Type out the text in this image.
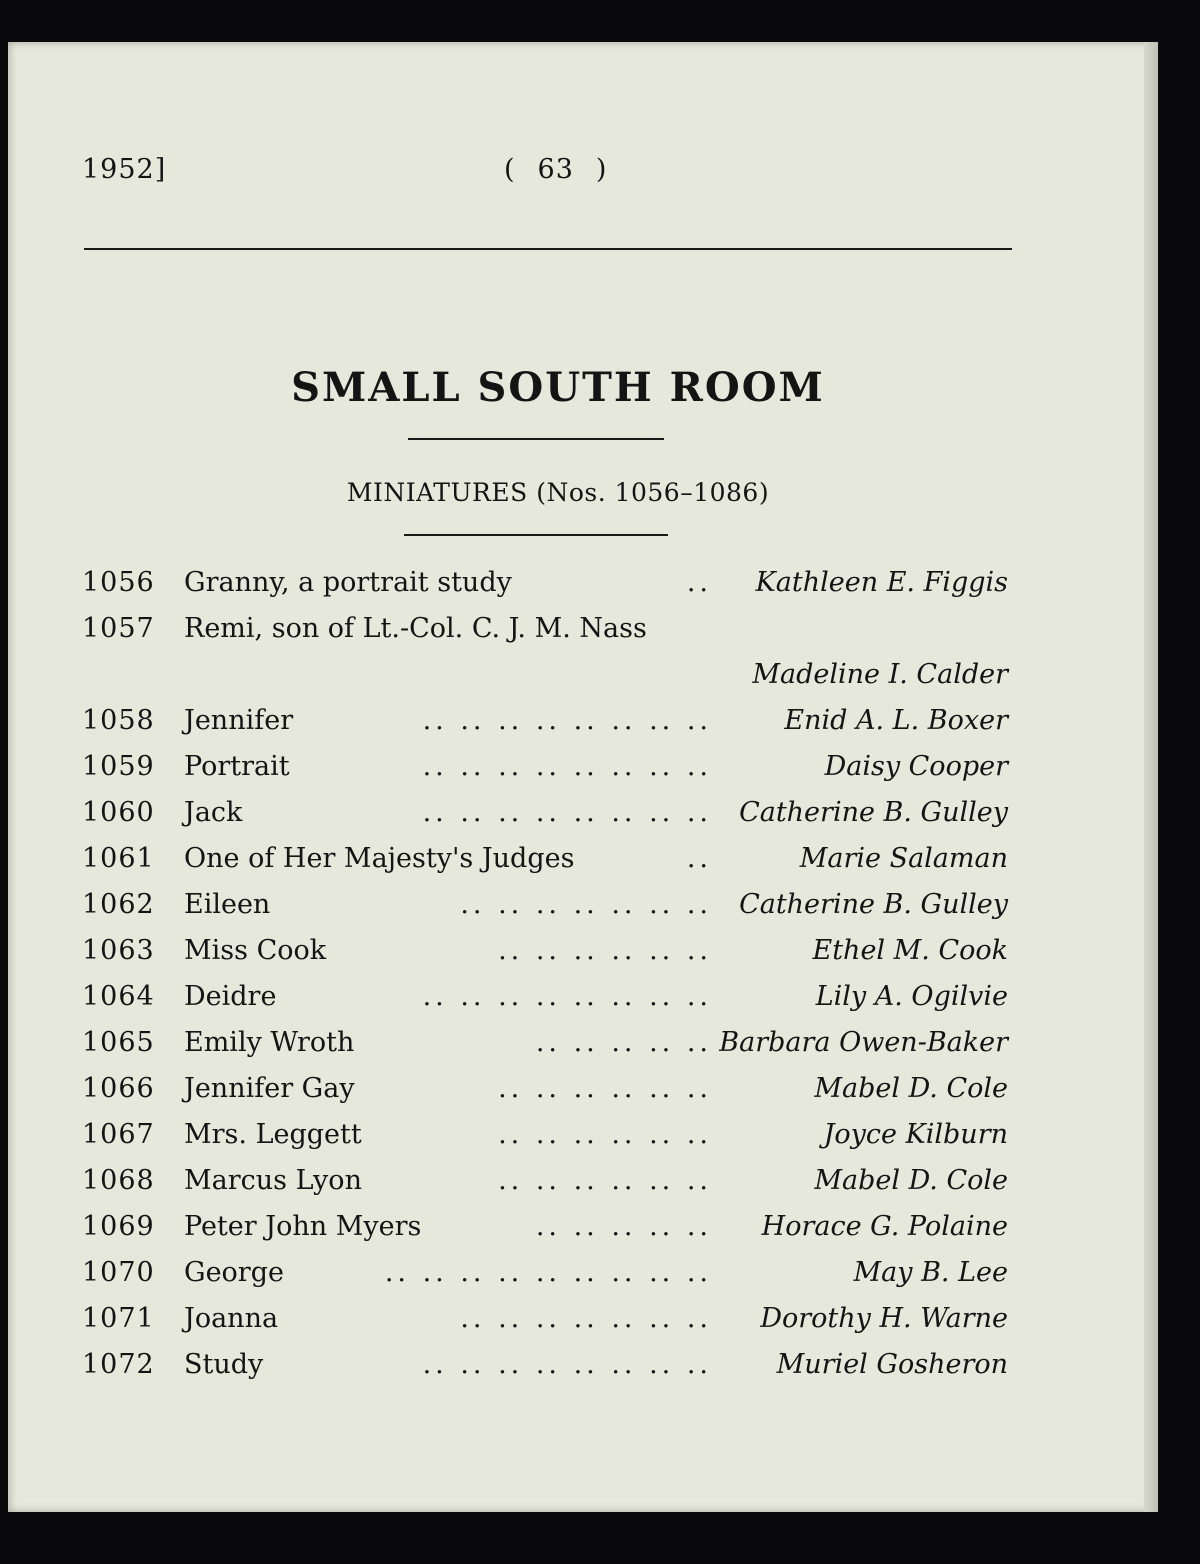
1952]	( 63 )
SMALL SOUTH ROOM
MINIATURES (Nos. 1056–1086)
1056 Granny, a portrait study	.. Kathleen E. Figgis
1057 Remi, son of Lt.-Col. C. J. M. Nass
Madeline I. Calder
1058 Jennifer	.. .. .. .. .. .. .. ..	Enid A. L. Boxer
1059 Portrait	.. .. .. .. .. .. .. ..	Daisy Cooper
1060 Jack	.. .. .. .. .. .. .. .. Catherine B. Gulley
1061 One of Her Majesty's Judges	..	Marie Salaman
1062 Eileen	.. .. .. .. .. .. .. Catherine B. Gulley
1063 Miss Cook	.. .. .. .. .. ..	Ethel M. Cook
1064 Deidre	.. .. .. .. .. .. .. ..	Lily A. Ogilvie
1065 Emily Wroth	.. .. .. .. .. Barbara Owen-Baker
1066 Jennifer Gay	.. .. .. .. .. ..	Mabel D. Cole
1067 Mrs. Leggett	.. .. .. .. .. ..	Joyce Kilburn
1068 Marcus Lyon	.. .. .. .. .. ..	Mabel D. Cole
1069 Peter John Myers	.. .. .. .. .. Horace G. Polaine
1070 George	.. .. .. .. .. .. .. .. ..	May B. Lee
1071 Joanna	.. .. .. .. .. .. .. Dorothy H. Warne
1072 Study	.. .. .. .. .. .. .. .. Muriel Gosheron
